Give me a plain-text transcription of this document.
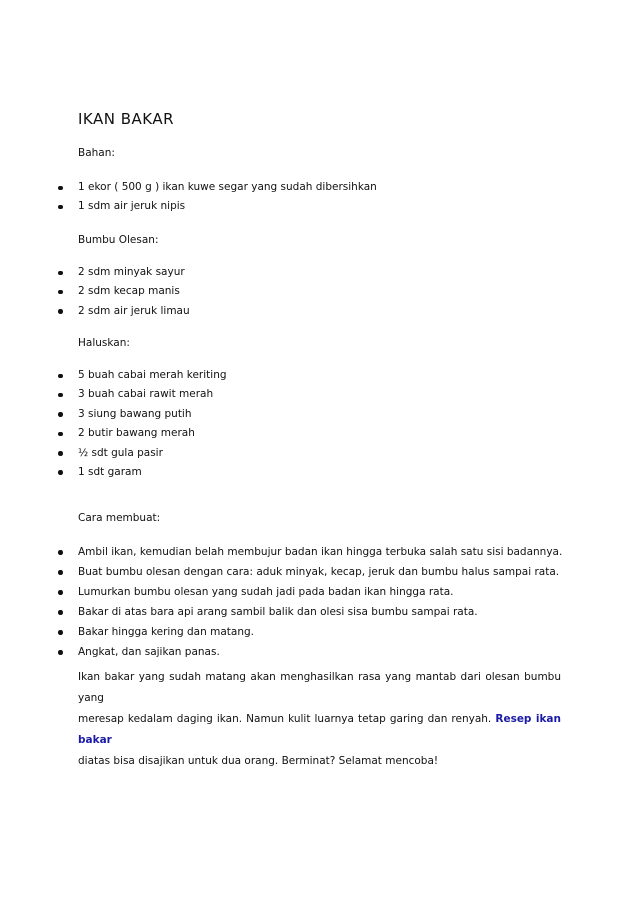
IKAN BAKAR

Bahan:

1 ekor ( 500 g ) ikan kuwe segar yang sudah dibersihkan
1 sdm air jeruk nipis

Bumbu Olesan:

2 sdm minyak sayur
2 sdm kecap manis
2 sdm air jeruk limau

Haluskan:

5 buah cabai merah keriting
3 buah cabai rawit merah
3 siung bawang putih
2 butir bawang merah
½ sdt gula pasir
1 sdt garam

Cara membuat:

Ambil ikan, kemudian belah membujur badan ikan hingga terbuka salah satu sisi badannya.
Buat bumbu olesan dengan cara: aduk minyak, kecap, jeruk dan bumbu halus sampai rata.
Lumurkan bumbu olesan yang sudah jadi pada badan ikan hingga rata.
Bakar di atas bara api arang sambil balik dan olesi sisa bumbu sampai rata.
Bakar hingga kering dan matang.
Angkat, dan sajikan panas.
Ikan bakar yang sudah matang akan menghasilkan rasa yang mantab dari olesan bumbu yang
meresap kedalam daging ikan. Namun kulit luarnya tetap garing dan renyah. Resep ikan bakar
diatas bisa disajikan untuk dua orang. Berminat? Selamat mencoba!
